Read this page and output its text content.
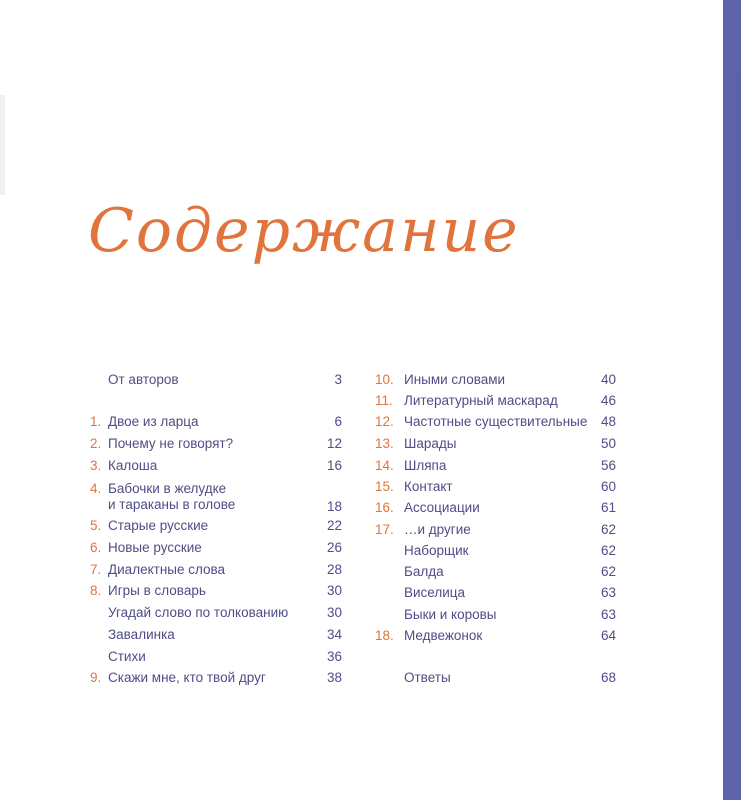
Содержание
От авторов	3
1. Двое из ларца	6
2. Почему не говорят?	12
3. Калоша	16
4. Бабочки в желудке
и тараканы в голове	18
5. Старые русские	22
6. Новые русские	26
7. Диалектные слова	28
8. Игры в словарь	30
Угадай слово по толкованию	30
Завалинка	34
Стихи	36
9. Скажи мне, кто твой друг	38
10. Иными словами	40
11. Литературный маскарад	46
12. Частотные существительные 48
13. Шарады	50
14. Шляпа	56
15. Контакт	60
16. Ассоциации	61
17. …и другие	62
Наборщик	62
Балда	62
Виселица	63
Быки и коровы	63
18. Медвежонок	64
Ответы	68
